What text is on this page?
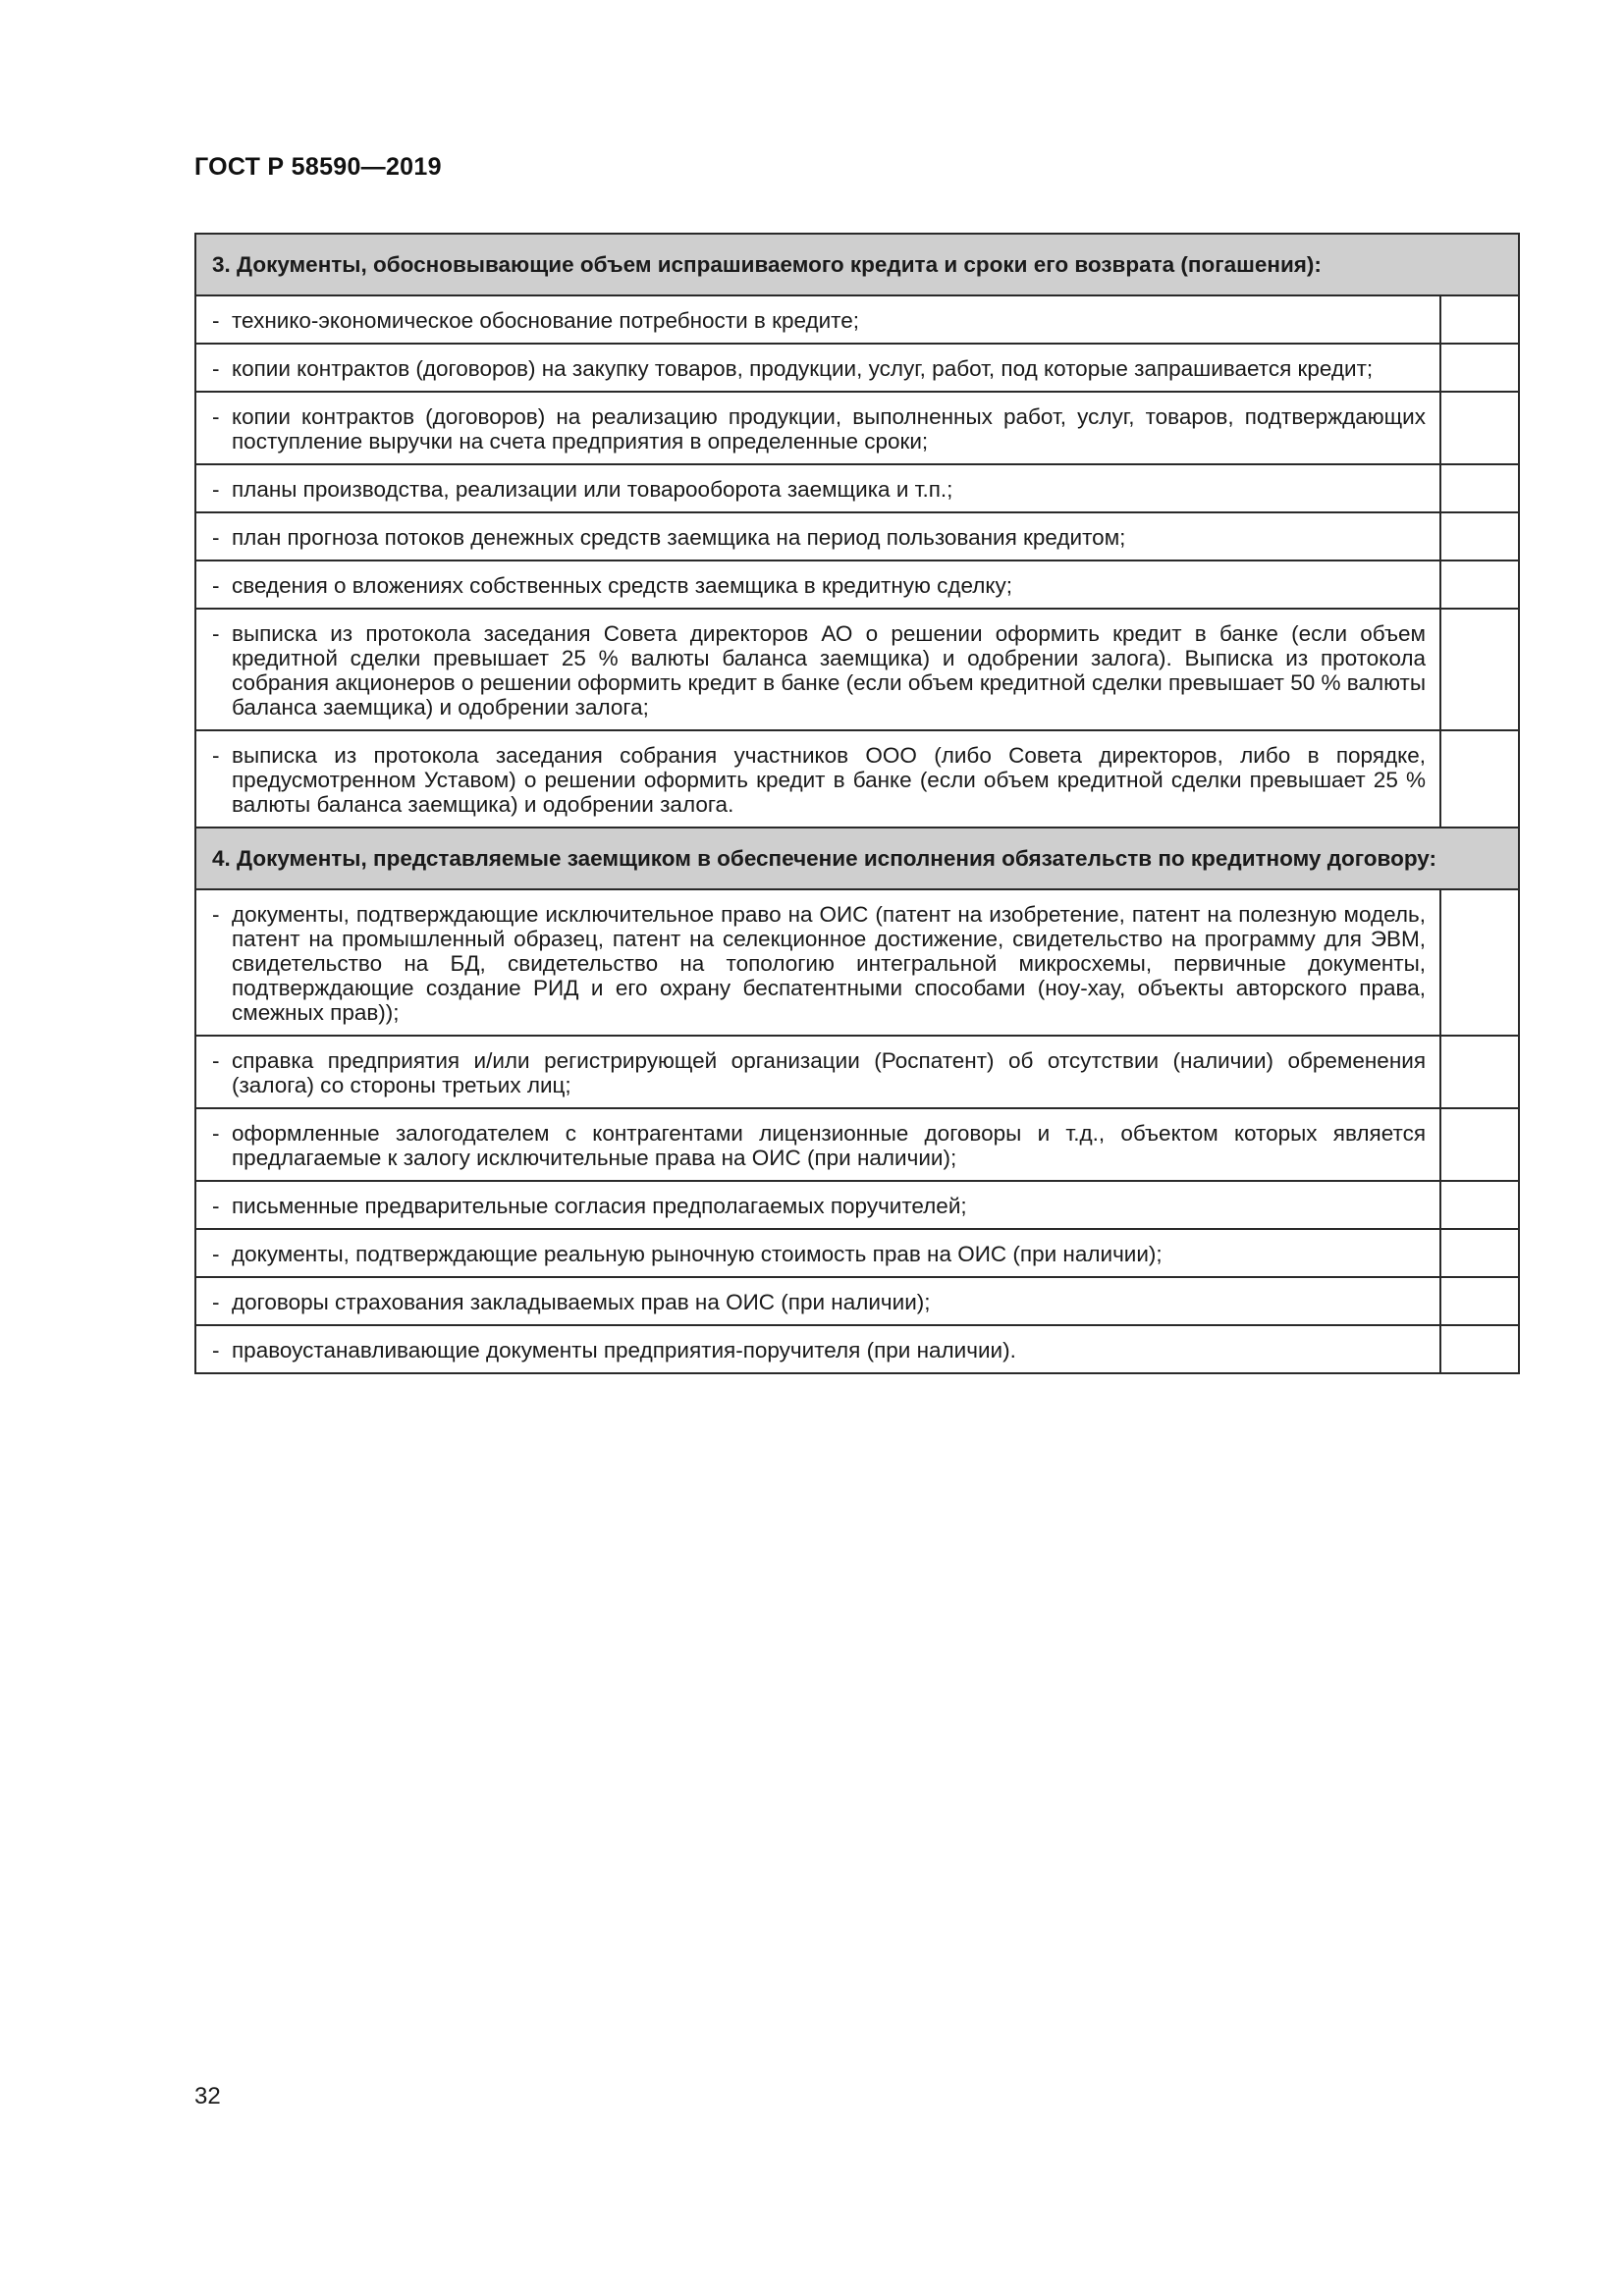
ГОСТ Р 58590—2019
3. Документы, обосновывающие объем испрашиваемого кредита и сроки его возврата (погашения):	

- технико-экономическое обоснование потребности в кредите;	

- копии контрактов (договоров) на закупку товаров, продукции, услуг, работ, под которые запрашивается кредит;	

- копии контрактов (договоров) на реализацию продукции, выполненных работ, услуг, товаров, подтверждающих поступление выручки на счета предприятия в определенные сроки;	

- планы производства, реализации или товарооборота заемщика и т.п.;	

- план прогноза потоков денежных средств заемщика на период пользования кредитом;	

- сведения о вложениях собственных средств заемщика в кредитную сделку;	

- выписка из протокола заседания Совета директоров АО о решении оформить кредит в банке (если объем кредитной сделки превышает 25 % валюты баланса заемщика) и одобрении залога). Выписка из протокола собрания акционеров о решении оформить кредит в банке (если объем кредитной сделки превышает 50 % валюты баланса заемщика) и одобрении залога;	

- выписка из протокола заседания собрания участников ООО (либо Совета директоров, либо в порядке, предусмотренном Уставом) о решении оформить кредит в банке (если объем кредитной сделки превышает 25 % валюты баланса заемщика) и одобрении залога.	

4. Документы, представляемые заемщиком в обеспечение исполнения обязательств по кредитному договору:	

- документы, подтверждающие исключительное право на ОИС (патент на изобретение, патент на полезную модель, патент на промышленный образец, патент на селекционное достижение, свидетельство на программу для ЭВМ, свидетельство на БД, свидетельство на топологию интегральной микросхемы, первичные документы, подтверждающие создание РИД и его охрану беспатентными способами (ноу-хау, объекты авторского права, смежных прав));	

- справка предприятия и/или регистрирующей организации (Роспатент) об отсутствии (наличии) обременения (залога) со стороны третьих лиц;	

- оформленные залогодателем с контрагентами лицензионные договоры и т.д., объектом которых является предлагаемые к залогу исключительные права на ОИС (при наличии);	

- письменные предварительные согласия предполагаемых поручителей;	

- документы, подтверждающие реальную рыночную стоимость прав на ОИС (при наличии);	

- договоры страхования закладываемых прав на ОИС (при наличии);	

- правоустанавливающие документы предприятия-поручителя (при наличии).	

32
